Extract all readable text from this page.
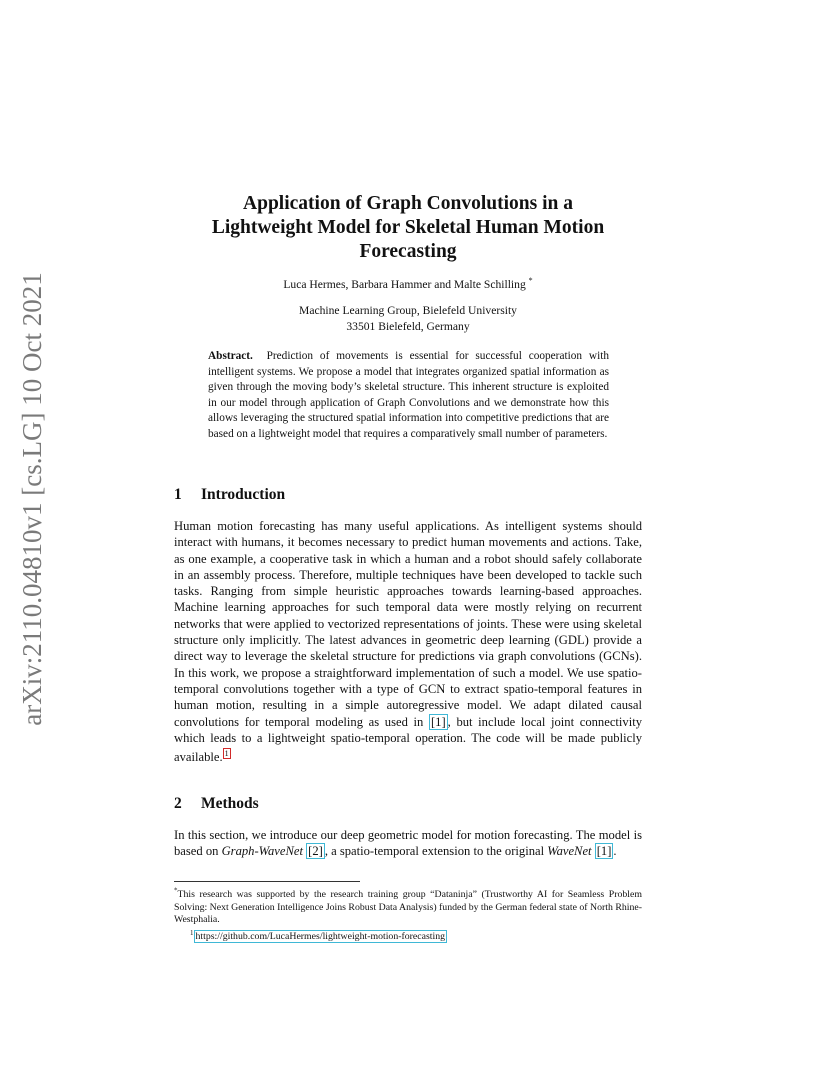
arXiv:2110.04810v1 [cs.LG] 10 Oct 2021
Application of Graph Convolutions in a
Lightweight Model for Skeletal Human Motion
Forecasting
Luca Hermes, Barbara Hammer and Malte Schilling *
Machine Learning Group, Bielefeld University
33501 Bielefeld, Germany
Abstract. Prediction of movements is essential for successful cooperation with intelligent systems. We propose a model that integrates organized spatial information as given through the moving body’s skeletal structure. This inherent structure is exploited in our model through application of Graph Convolutions and we demonstrate how this allows leveraging the structured spatial information into competitive predictions that are based on a lightweight model that requires a comparatively small number of parameters.
1 Introduction
Human motion forecasting has many useful applications. As intelligent systems should interact with humans, it becomes necessary to predict human movements and actions. Take, as one example, a cooperative task in which a human and a robot should safely collaborate in an assembly process. Therefore, multiple techniques have been developed to tackle such tasks. Ranging from simple heuristic approaches towards learning-based approaches. Machine learning approaches for such temporal data were mostly relying on recurrent networks that were applied to vectorized representations of joints. These were using skeletal structure only implicitly. The latest advances in geometric deep learning (GDL) provide a direct way to leverage the skeletal structure for predictions via graph convolutions (GCNs). In this work, we propose a straightforward implementation of such a model. We use spatio-temporal convolutions together with a type of GCN to extract spatio-temporal features in human motion, resulting in a simple autoregressive model. We adapt dilated causal convolutions for temporal modeling as used in [1] , but include local joint connectivity which leads to a lightweight spatio-temporal operation. The code will be made publicly available. $^1$
2 Methods
In this section, we introduce our deep geometric model for motion forecasting. The model is based on Graph-WaveNet [2] , a spatio-temporal extension to the original WaveNet [1] .
*This research was supported by the research training group “Dataninja” (Trustworthy AI for Seamless Problem Solving: Next Generation Intelligence Joins Robust Data Analysis) funded by the German federal state of North Rhine-Westphalia.
$^1$ https://github.com/LucaHermes/lightweight-motion-forecasting
